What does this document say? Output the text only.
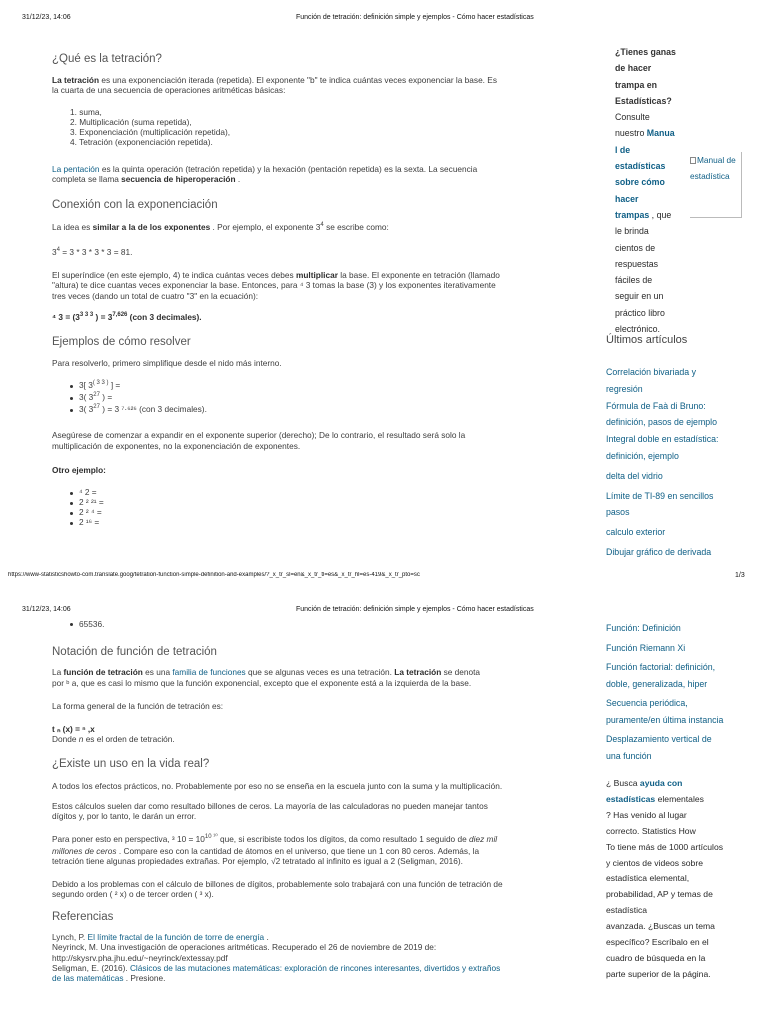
31/12/23, 14:06	Función de tetración: definición simple y ejemplos - Cómo hacer estadísticas
¿Qué es la tetración?
La tetración es una exponenciación iterada (repetida). El exponente "b" te indica cuántas veces exponenciar la base. Es
la cuarta de una secuencia de operaciones aritméticas básicas:
1. suma,
2. Multiplicación (suma repetida),
3. Exponenciación (multiplicación repetida),
4. Tetración (exponenciación repetida).
La pentación es la quinta operación (tetración repetida) y la hexación (pentación repetida) es la sexta. La secuencia
completa se llama secuencia de hiperoperación .
Conexión con la exponenciación
La idea es similar a la de los exponentes . Por ejemplo, el exponente $3^4$ se escribe como:
$3^4 = 3 * 3 * 3 * 3 = 81$.
El superíndice (en este ejemplo, 4) te indica cuántas veces debes multiplicar la base. El exponente en tetración (llamado
"altura) te dice cuantas veces exponenciar la base. Entonces, para ⁴ 3 tomas la base (3) y los exponentes iterativamente
tres veces (dando un total de cuatro "3" en la ecuación):
⁴ $3 = (3^{3 3 3}$ ) = $3^{7,626}$ (con 3 decimales).
Ejemplos de cómo resolver
Para resolverlo, primero simplifique desde el nido más interno.
3[ $3^{( 3 3 )}$ ] =
3( $3^{27}$ ) =
3( $3^{27}$ ) = 3 ⁷·⁶²⁶ (con 3 decimales).
Asegúrese de comenzar a expandir en el exponente superior (derecho); De lo contrario, el resultado será solo la
multiplicación de exponentes, no la exponenciación de exponentes.
Otro ejemplo:
⁴ 2 =
2 ² ²¹ =
2 ² ⁴ =
2 ¹⁶ =
¿Tienes ganas
de hacer
trampa en
Estadísticas?
Consulte
nuestro Manua
l de
estadísticas
sobre cómo
hacer
trampas , que
le brinda
cientos de
respuestas
fáciles de
seguir en un
práctico libro
electrónico.
Manual de
estadística
Últimos artículos
Correlación bivariada y
regresión
Fórmula de Faà di Bruno:
definición, pasos de ejemplo
Integral doble en estadística:
definición, ejemplo
delta del vidrio
Límite de TI-89 en sencillos
pasos
calculo exterior
Dibujar gráfico de derivada
https://www-statisticshowto-com.translate.goog/tetration-function-simple-definition-and-examples/?_x_tr_sl=en&_x_tr_tl=es&_x_tr_hl=es-419&_x_tr_pto=sc	1/3
31/12/23, 14:06	Función de tetración: definición simple y ejemplos - Cómo hacer estadísticas
65536.
Notación de función de tetración
La función de tetración es una familia de funciones que se algunas veces es una tetración. La tetración se denota
por ᵇ a, que es casi lo mismo que la función exponencial, excepto que el exponente está a la izquierda de la base.
La forma general de la función de tetración es:
t ₙ (x) = ⁿ ,x
Donde n es el orden de tetración.
¿Existe un uso en la vida real?
A todos los efectos prácticos, no. Probablemente por eso no se enseña en la escuela junto con la suma y la multiplicación.
Estos cálculos suelen dar como resultado billones de ceros. La mayoría de las calculadoras no pueden manejar tantos
dígitos y, por lo tanto, le darán un error.
Para poner esto en perspectiva, ³ $10 = 10^{10 ^{10}}$ que, si escribiste todos los dígitos, da como resultado 1 seguido de diez mil
millones de ceros . Compare eso con la cantidad de átomos en el universo, que tiene un 1 con 80 ceros. Además, la
tetración tiene algunas propiedades extrañas. Por ejemplo, √2 tetratado al infinito es igual a 2 (Seligman, 2016).
Debido a los problemas con el cálculo de billones de dígitos, probablemente solo trabajará con una función de tetración de
segundo orden ( ² x) o de tercer orden ( ³ x).
Referencias
Lynch, P. El límite fractal de la función de torre de energía .
Neyrinck, M. Una investigación de operaciones aritméticas. Recuperado el 26 de noviembre de 2019 de:
http://skysrv.pha.jhu.edu/~neyrinck/extessay.pdf
Seligman, E. (2016). Clásicos de las mutaciones matemáticas: exploración de rincones interesantes, divertidos y extraños
de las matemáticas . Presione.
Función: Definición
Función Riemann Xi
Función factorial: definición,
doble, generalizada, hiper
Secuencia periódica,
puramente/en última instancia
Desplazamiento vertical de
una función
¿ Busca ayuda con
estadísticas elementales
? Has venido al lugar
correcto. Statistics How
To tiene más de 1000 artículos
y cientos de videos sobre
estadística elemental,
probabilidad, AP y temas de
estadística
avanzada. ¿Buscas un tema
específico? Escríbalo en el
cuadro de búsqueda en la
parte superior de la página.
